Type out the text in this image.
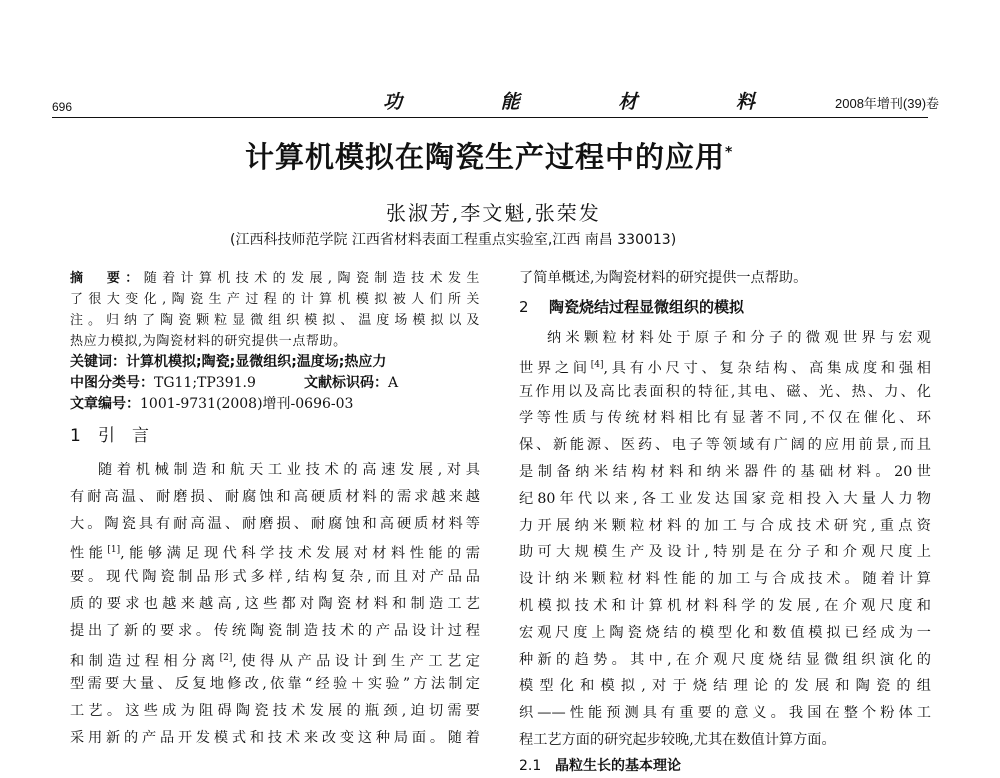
696	功 能 材 料	2008年增刊(39)卷
计算机模拟在陶瓷生产过程中的应用*
张淑芳,李文魁,张荣发
(江西科技师范学院 江西省材料表面工程重点实验室,江西 南昌 330013)
摘　要：随着计算机技术的发展,陶瓷制造技术发生
了很大变化,陶瓷生产过程的计算机模拟被人们所关
注。归纳了陶瓷颗粒显微组织模拟、温度场模拟以及
热应力模拟,为陶瓷材料的研究提供一点帮助。
关键词：计算机模拟;陶瓷;显微组织;温度场;热应力
中图分类号：TG11;TP391.9	文献标识码：A
文章编号：1001-9731(2008)增刊-0696-03
1 引　言
随着机械制造和航天工业技术的高速发展,对具
有耐高温、耐磨损、耐腐蚀和高硬质材料的需求越来越
大。陶瓷具有耐高温、耐磨损、耐腐蚀和高硬质材料等
性能[1],能够满足现代科学技术发展对材料性能的需
要。现代陶瓷制品形式多样,结构复杂,而且对产品品
质的要求也越来越高,这些都对陶瓷材料和制造工艺
提出了新的要求。传统陶瓷制造技术的产品设计过程
和制造过程相分离[2],使得从产品设计到生产工艺定
型需要大量、反复地修改,依靠“经验＋实验”方法制定
工艺。这些成为阻碍陶瓷技术发展的瓶颈,迫切需要
采用新的产品开发模式和技术来改变这种局面。随着
了简单概述,为陶瓷材料的研究提供一点帮助。
2 陶瓷烧结过程显微组织的模拟
纳米颗粒材料处于原子和分子的微观世界与宏观
世界之间[4],具有小尺寸、复杂结构、高集成度和强相
互作用以及高比表面积的特征,其电、磁、光、热、力、化
学等性质与传统材料相比有显著不同,不仅在催化、环
保、新能源、医药、电子等领域有广阔的应用前景,而且
是制备纳米结构材料和纳米器件的基础材料。20世
纪80年代以来,各工业发达国家竞相投入大量人力物
力开展纳米颗粒材料的加工与合成技术研究,重点资
助可大规模生产及设计,特别是在分子和介观尺度上
设计纳米颗粒材料性能的加工与合成技术。随着计算
机模拟技术和计算机材料科学的发展,在介观尺度和
宏观尺度上陶瓷烧结的模型化和数值模拟已经成为一
种新的趋势。其中,在介观尺度烧结显微组织演化的
模型化和模拟,对于烧结理论的发展和陶瓷的组
织——性能预测具有重要的意义。我国在整个粉体工
程工艺方面的研究起步较晚,尤其在数值计算方面。
2.1 晶粒生长的基本理论
